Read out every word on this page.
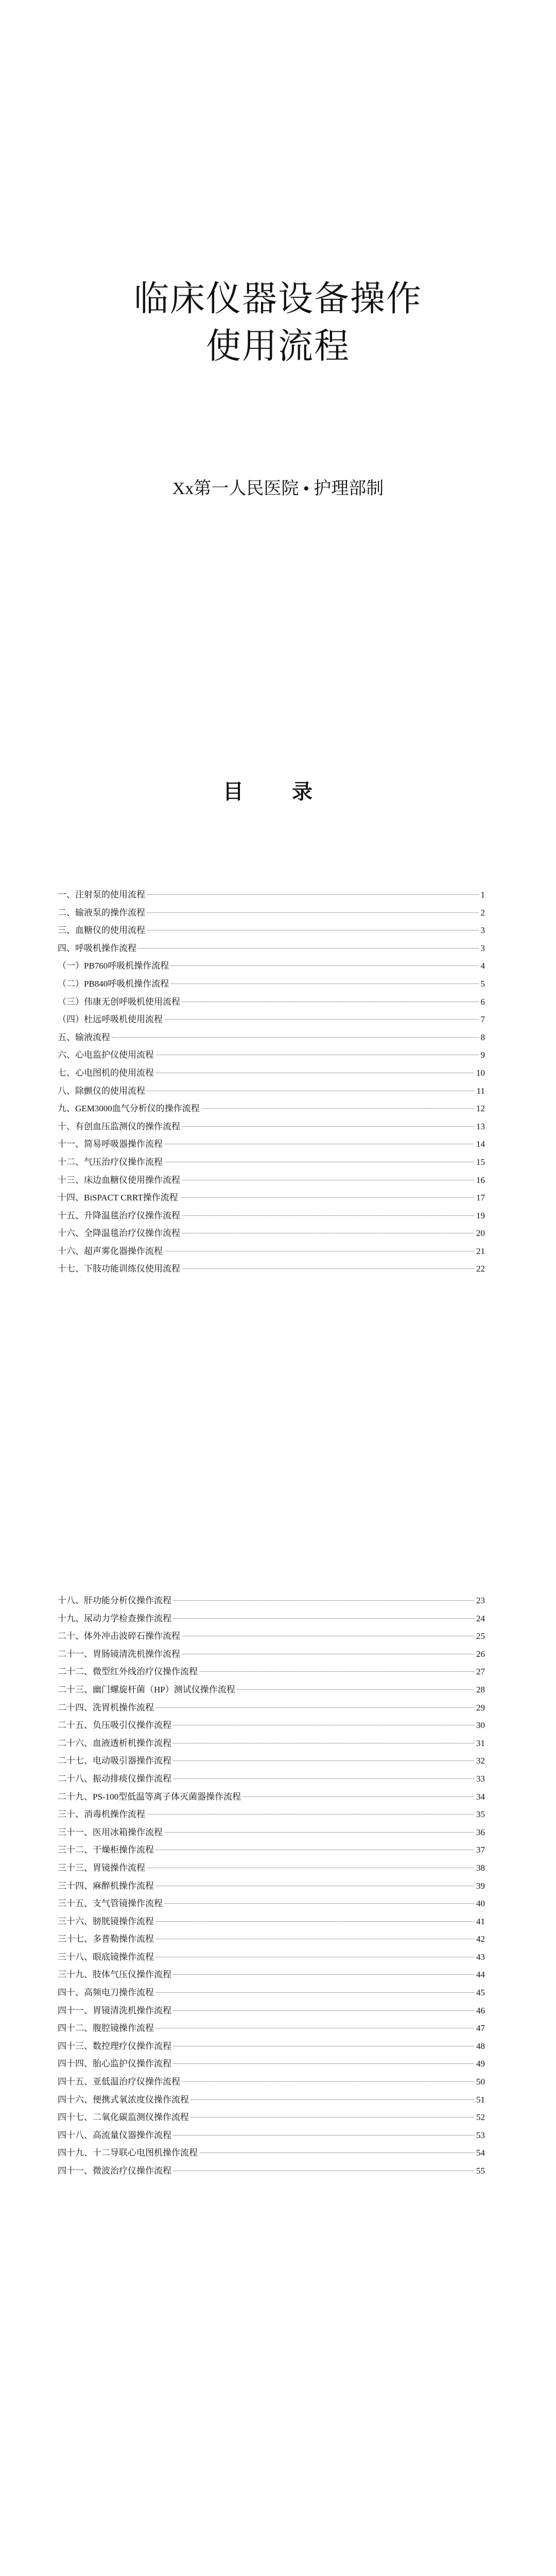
临床仪器设备操作
使用流程
Xx第一人民医院 • 护理部制
目 录
一、注射泵的使用流程	1
二、输液泵的操作流程	2
三、血糖仪的使用流程	3
四、呼吸机操作流程	3
（一）PB760呼吸机操作流程	4
（二）PB840呼吸机操作流程	5
（三）伟康无创呼吸机使用流程	6
（四）杜远呼吸机使用流程	7
五、输液流程	8
六、心电监护仪使用流程	9
七、心电图机的使用流程	10
八、除颤仪的使用流程	11
九、GEM3000血气分析仪的操作流程	12
十、有创血压监测仪的操作流程	13
十一、简易呼吸器操作流程	14
十二、气压治疗仪操作流程	15
十三、床边血糖仪使用操作流程	16
十四、BiSPACT CRRT操作流程	17
十五、升降温毯治疗仪操作流程	19
十六、全降温毯治疗仪操作流程	20
十六、超声雾化器操作流程	21
十七、下肢功能训练仪使用流程	22
十八、肝功能分析仪操作流程	23
十九、尿动力学检查操作流程	24
二十、体外冲击波碎石操作流程	25
二十一、胃肠镜清洗机操作流程	26
二十二、微型红外线治疗仪操作流程	27
二十三、幽门螺旋杆菌（HP）测试仪操作流程	28
二十四、洗胃机操作流程	29
二十五、负压吸引仪操作流程	30
二十六、血液透析机操作流程	31
二十七、电动吸引器操作流程	32
二十八、振动排痰仪操作流程	33
二十九、PS-100型低温等离子体灭菌器操作流程	34
三十、消毒机操作流程	35
三十一、医用冰箱操作流程	36
三十二、干燥柜操作流程	37
三十三、胃镜操作流程	38
三十四、麻醉机操作流程	39
三十五、支气管镜操作流程	40
三十六、膀胱镜操作流程	41
三十七、多普勒操作流程	42
三十八、眼底镜操作流程	43
三十九、肢体气压仪操作流程	44
四十、高频电刀操作流程	45
四十一、胃镜清洗机操作流程	46
四十二、腹腔镜操作流程	47
四十三、数控理疗仪操作流程	48
四十四、胎心监护仪操作流程	49
四十五、亚低温治疗仪操作流程	50
四十六、便携式氧浓度仪操作流程	51
四十七、二氧化碳监测仪操作流程	52
四十八、高流量仪器操作流程	53
四十九、十二导联心电图机操作流程	54
四十一、微波治疗仪操作流程	55
